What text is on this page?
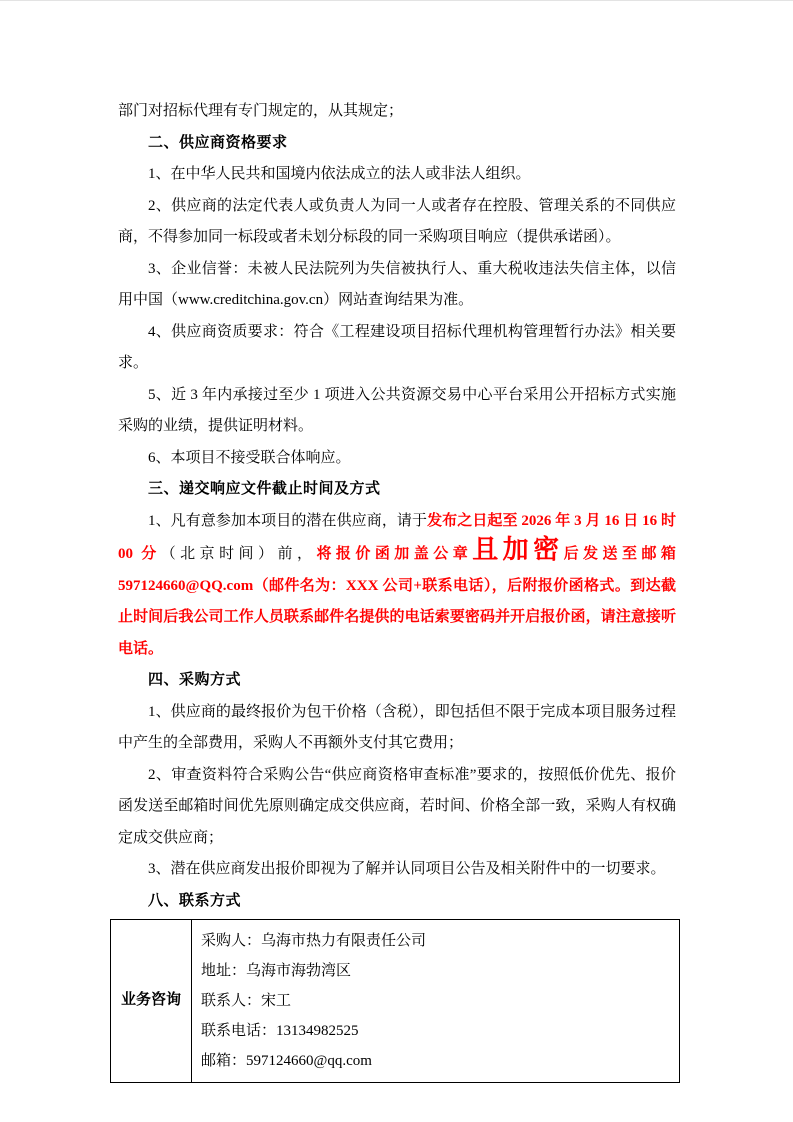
部门对招标代理有专门规定的，从其规定；

二、供应商资格要求

1、在中华人民共和国境内依法成立的法人或非法人组织。

2、供应商的法定代表人或负责人为同一人或者存在控股、管理关系的不同供应商，不得参加同一标段或者未划分标段的同一采购项目响应（提供承诺函）。

3、企业信誉：未被人民法院列为失信被执行人、重大税收违法失信主体，以信用中国（www.creditchina.gov.cn）网站查询结果为准。

4、供应商资质要求：符合《工程建设项目招标代理机构管理暂行办法》相关要求。

5、近 3 年内承接过至少 1 项进入公共资源交易中心平台采用公开招标方式实施采购的业绩，提供证明材料。

6、本项目不接受联合体响应。

三、递交响应文件截止时间及方式

1、凡有意参加本项目的潜在供应商，请于发布之日起至 2026 年 3 月 16 日 16 时 00 分（北京时间）前，将报价函加盖公章且加密后发送至邮箱 597124660@QQ.com（邮件名为：XXX 公司+联系电话），后附报价函格式。到达截止时间后我公司工作人员联系邮件名提供的电话索要密码并开启报价函，请注意接听电话。

四、采购方式

1、供应商的最终报价为包干价格（含税），即包括但不限于完成本项目服务过程中产生的全部费用，采购人不再额外支付其它费用；

2、审查资料符合采购公告“供应商资格审查标准”要求的，按照低价优先、报价函发送至邮箱时间优先原则确定成交供应商，若时间、价格全部一致，采购人有权确定成交供应商；

3、潜在供应商发出报价即视为了解并认同项目公告及相关附件中的一切要求。

八、联系方式

业务咨询	
采购人：乌海市热力有限责任公司
地址：乌海市海勃湾区
联系人：宋工
联系电话：13134982525
邮箱：597124660@qq.com
